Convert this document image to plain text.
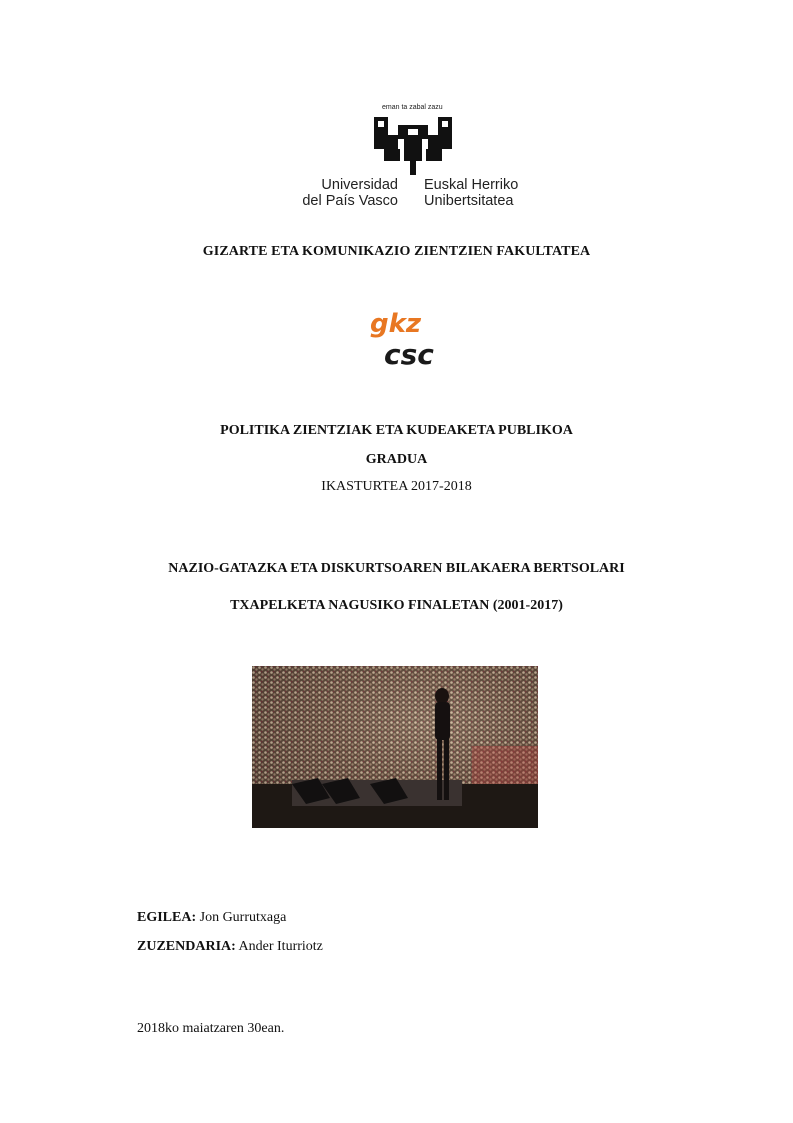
eman ta zabal zazu
Universidad
del País Vasco
Euskal Herriko
Unibertsitatea
GIZARTE ETA KOMUNIKAZIO ZIENTZIEN FAKULTATEA
gkz
csc
POLITIKA ZIENTZIAK ETA KUDEAKETA PUBLIKOA
GRADUA
IKASTURTEA 2017-2018
NAZIO-GATAZKA ETA DISKURTSOAREN BILAKAERA BERTSOLARI
TXAPELKETA NAGUSIKO FINALETAN (2001-2017)
EGILEA: Jon Gurrutxaga
ZUZENDARIA: Ander Iturriotz
2018ko maiatzaren 30ean.
